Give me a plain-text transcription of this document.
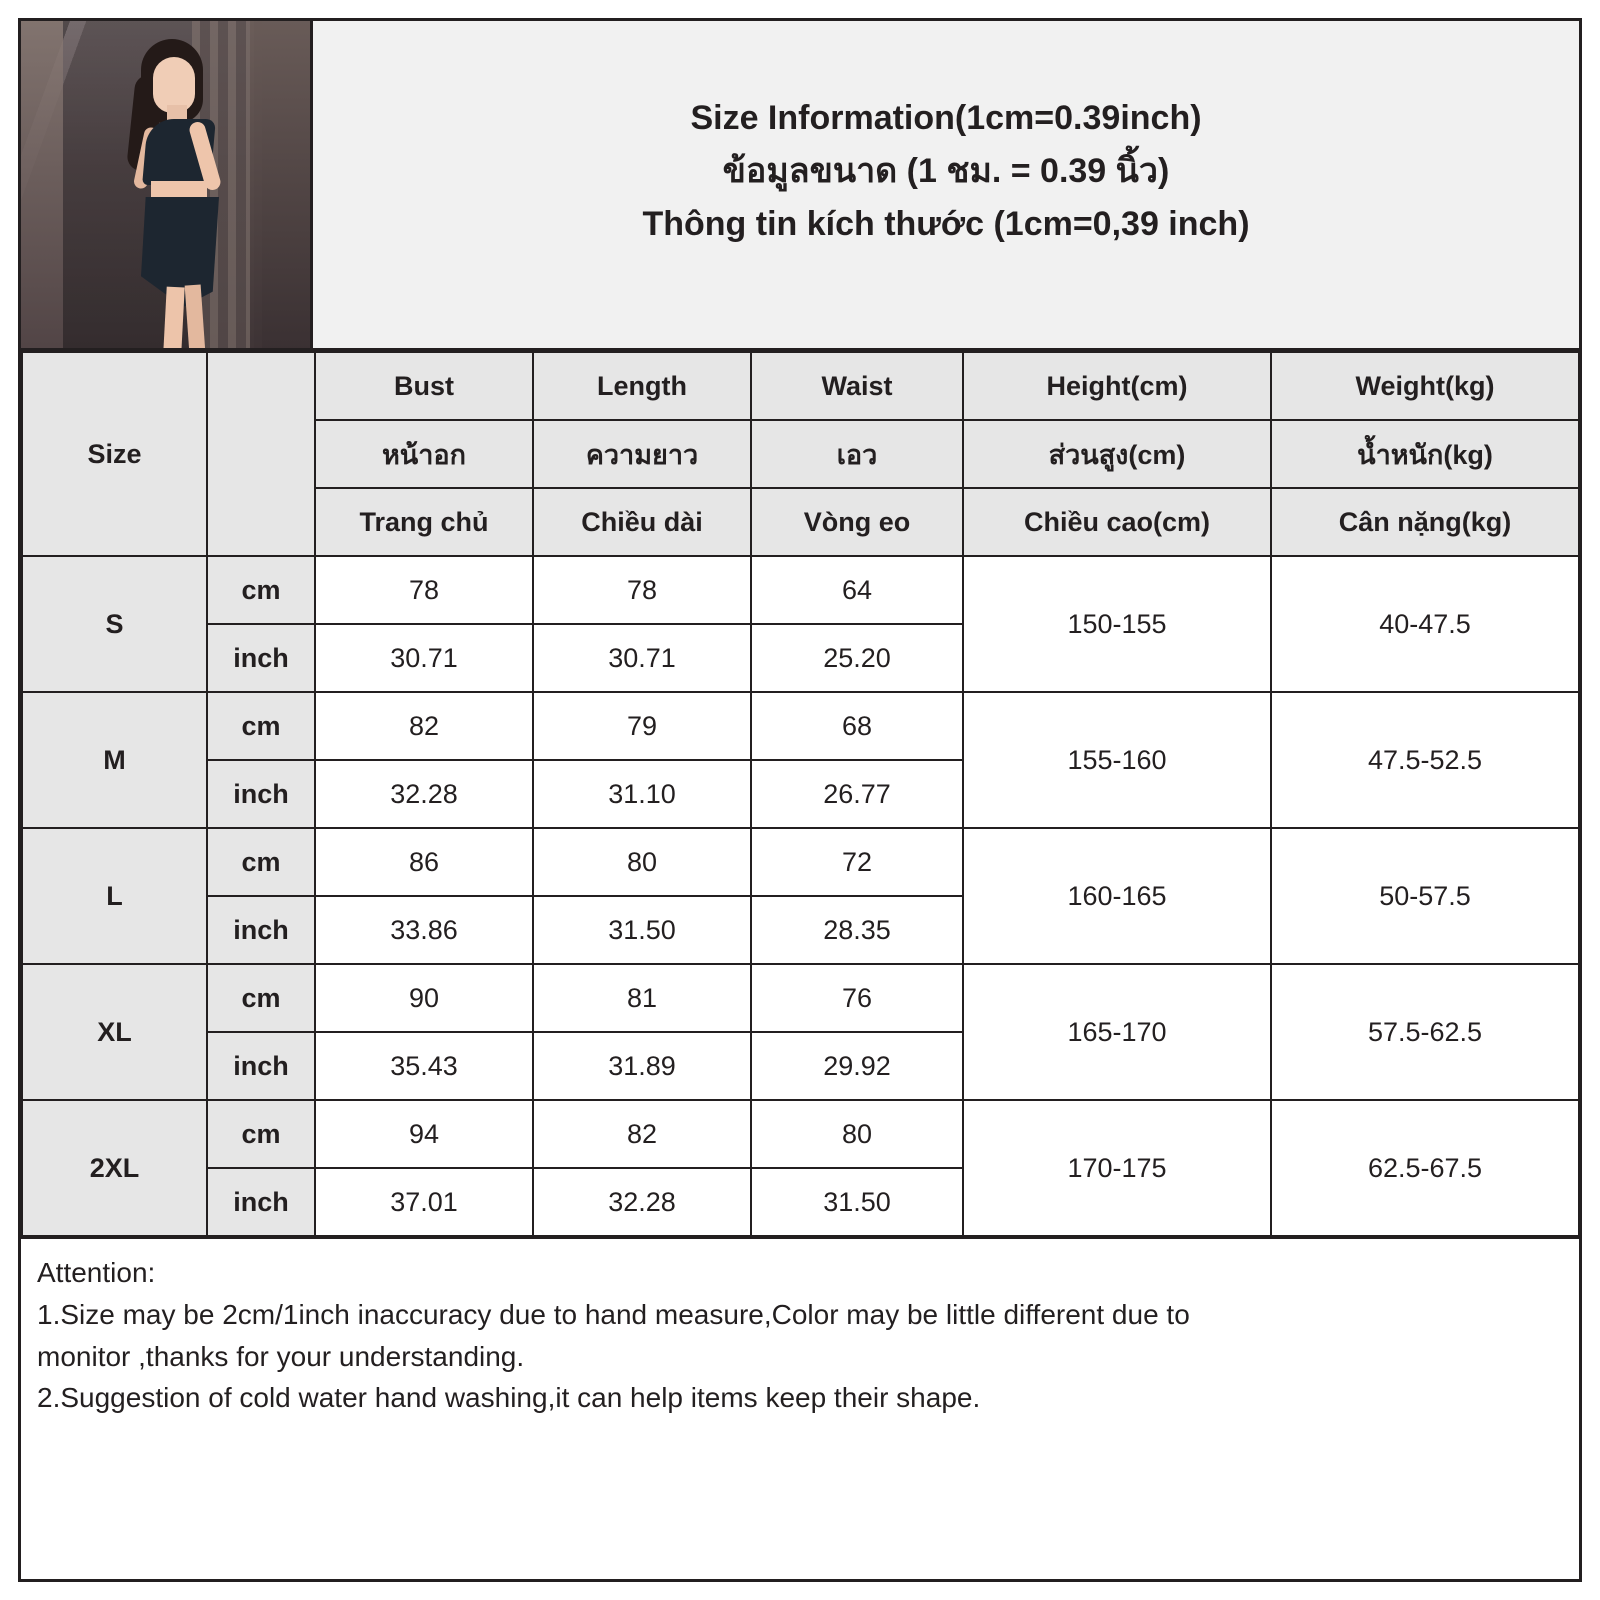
Size Information(1cm=0.39inch)
ข้อมูลขนาด (1 ชม. = 0.39 นิ้ว)
Thông tin kích thước (1cm=0,39 inch)
Size		Bust	Length	Waist	Height(cm)	Weight(kg)
		หน้าอก	ความยาว	เอว	ส่วนสูง(cm)	น้ำหนัก(kg)
		Trang chủ	Chiều dài	Vòng eo	Chiều cao(cm)	Cân nặng(kg)
S	cm	78	78	64	150-155	40-47.5
	inch	30.71	30.71	25.20		
M	cm	82	79	68	155-160	47.5-52.5
	inch	32.28	31.10	26.77		
L	cm	86	80	72	160-165	50-57.5
	inch	33.86	31.50	28.35		
XL	cm	90	81	76	165-170	57.5-62.5
	inch	35.43	31.89	29.92		
2XL	cm	94	82	80	170-175	62.5-67.5
	inch	37.01	32.28	31.50		

Attention:

1.Size may be 2cm/1inch inaccuracy due to hand measure,Color may be little different due to

monitor ,thanks for your understanding.

2.Suggestion of cold water hand washing,it can help items keep their shape.
